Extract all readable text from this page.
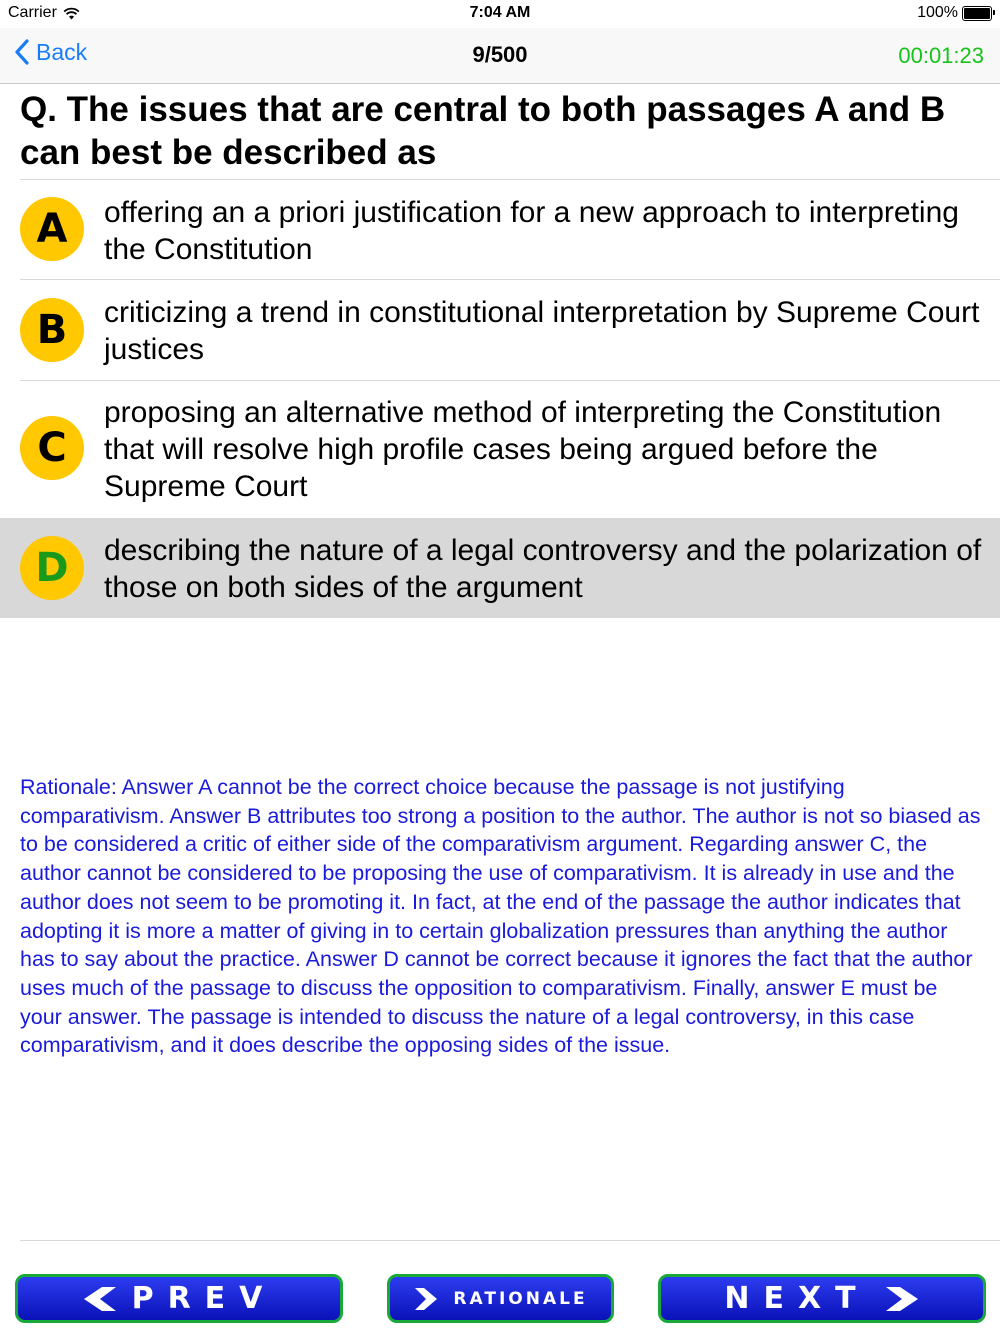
Carrier	7:04 AM	100%
Back	9/500	00:01:23
Q. The issues that are central to both passages A and B can best be described as
A	offering an a priori justification for a new approach to interpreting the Constitution
B	criticizing a trend in constitutional interpretation by Supreme Court justices
C
proposing an alternative method of interpreting the Constitution that will resolve high profile cases being argued before the Supreme Court
D	describing the nature of a legal controversy and the polarization of those on both sides of the argument
Rationale: Answer A cannot be the correct choice because the passage is not justifying comparativism. Answer B attributes too strong a position to the author. The author is not so biased as to be considered a critic of either side of the comparativism argument. Regarding answer C, the author cannot be considered to be proposing the use of comparativism. It is already in use and the author does not seem to be promoting it. In fact, at the end of the passage the author indicates that adopting it is more a matter of giving in to certain globalization pressures than anything the author has to say about the practice. Answer D cannot be correct because it ignores the fact that the author uses much of the passage to discuss the opposition to comparativism. Finally, answer E must be your answer. The passage is intended to discuss the nature of a legal controversy, in this case comparativism, and it does describe the opposing sides of the issue.
PREV	RATIONALE	NEXT
